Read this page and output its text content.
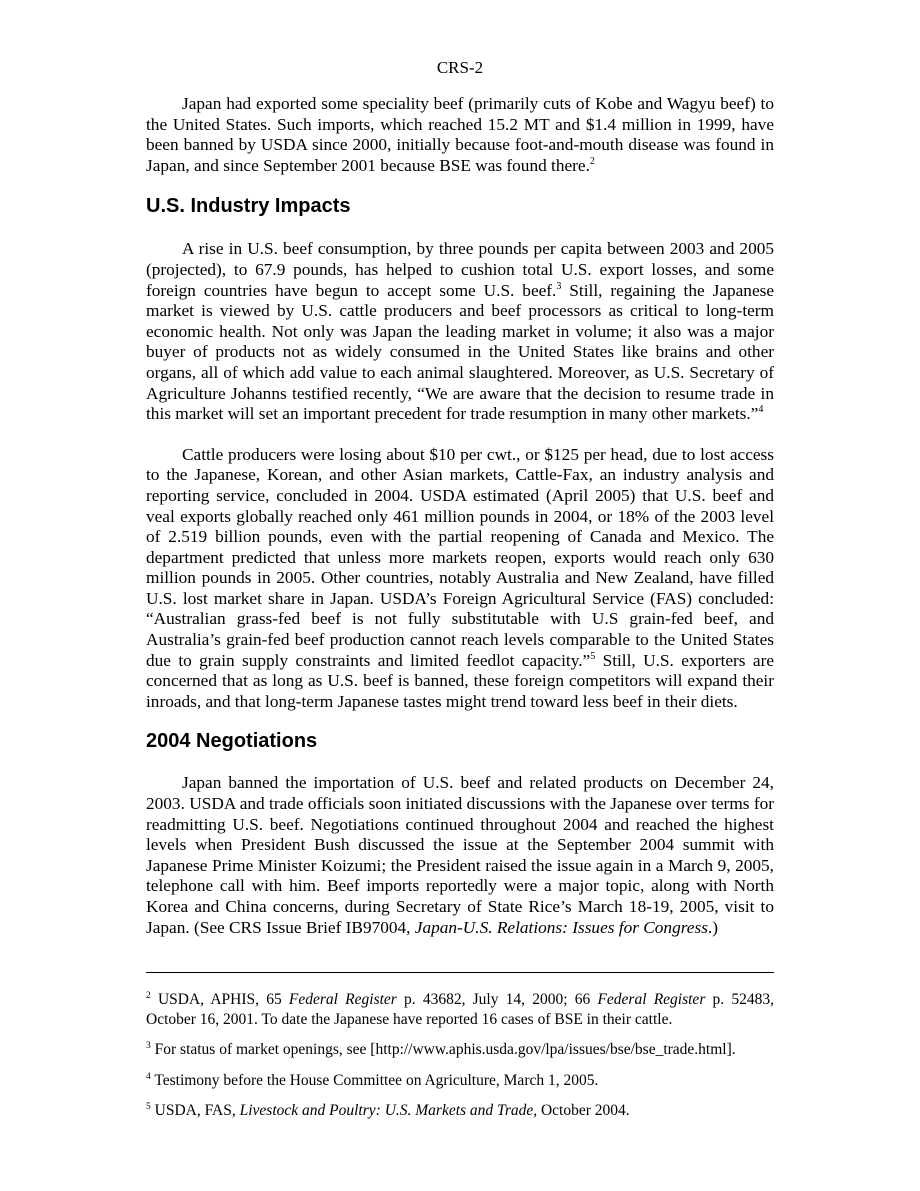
CRS-2

Japan had exported some speciality beef (primarily cuts of Kobe and Wagyu beef) to the United States. Such imports, which reached 15.2 MT and $1.4 million in 1999, have been banned by USDA since 2000, initially because foot-and-mouth disease was found in Japan, and since September 2001 because BSE was found there.$^2$

U.S. Industry Impacts

A rise in U.S. beef consumption, by three pounds per capita between 2003 and 2005 (projected), to 67.9 pounds, has helped to cushion total U.S. export losses, and some foreign countries have begun to accept some U.S. beef.$^3$ Still, regaining the Japanese market is viewed by U.S. cattle producers and beef processors as critical to long-term economic health. Not only was Japan the leading market in volume; it also was a major buyer of products not as widely consumed in the United States like brains and other organs, all of which add value to each animal slaughtered. Moreover, as U.S. Secretary of Agriculture Johanns testified recently, “We are aware that the decision to resume trade in this market will set an important precedent for trade resumption in many other markets.”$^4$

Cattle producers were losing about $10 per cwt., or $125 per head, due to lost access to the Japanese, Korean, and other Asian markets, Cattle-Fax, an industry analysis and reporting service, concluded in 2004. USDA estimated (April 2005) that U.S. beef and veal exports globally reached only 461 million pounds in 2004, or 18% of the 2003 level of 2.519 billion pounds, even with the partial reopening of Canada and Mexico. The department predicted that unless more markets reopen, exports would reach only 630 million pounds in 2005. Other countries, notably Australia and New Zealand, have filled U.S. lost market share in Japan. USDA’s Foreign Agricultural Service (FAS) concluded: “Australian grass-fed beef is not fully substitutable with U.S grain-fed beef, and Australia’s grain-fed beef production cannot reach levels comparable to the United States due to grain supply constraints and limited feedlot capacity.”$^5$ Still, U.S. exporters are concerned that as long as U.S. beef is banned, these foreign competitors will expand their inroads, and that long-term Japanese tastes might trend toward less beef in their diets.

2004 Negotiations

Japan banned the importation of U.S. beef and related products on December 24, 2003. USDA and trade officials soon initiated discussions with the Japanese over terms for readmitting U.S. beef. Negotiations continued throughout 2004 and reached the highest levels when President Bush discussed the issue at the September 2004 summit with Japanese Prime Minister Koizumi; the President raised the issue again in a March 9, 2005, telephone call with him. Beef imports reportedly were a major topic, along with North Korea and China concerns, during Secretary of State Rice’s March 18-19, 2005, visit to Japan. (See CRS Issue Brief IB97004, Japan-U.S. Relations: Issues for Congress.)

$^2$ USDA, APHIS, 65 Federal Register p. 43682, July 14, 2000; 66 Federal Register p. 52483, October 16, 2001. To date the Japanese have reported 16 cases of BSE in their cattle.

$^3$ For status of market openings, see [http://www.aphis.usda.gov/lpa/issues/bse/bse_trade.html].

$^4$ Testimony before the House Committee on Agriculture, March 1, 2005.

$^5$ USDA, FAS, Livestock and Poultry: U.S. Markets and Trade, October 2004.
